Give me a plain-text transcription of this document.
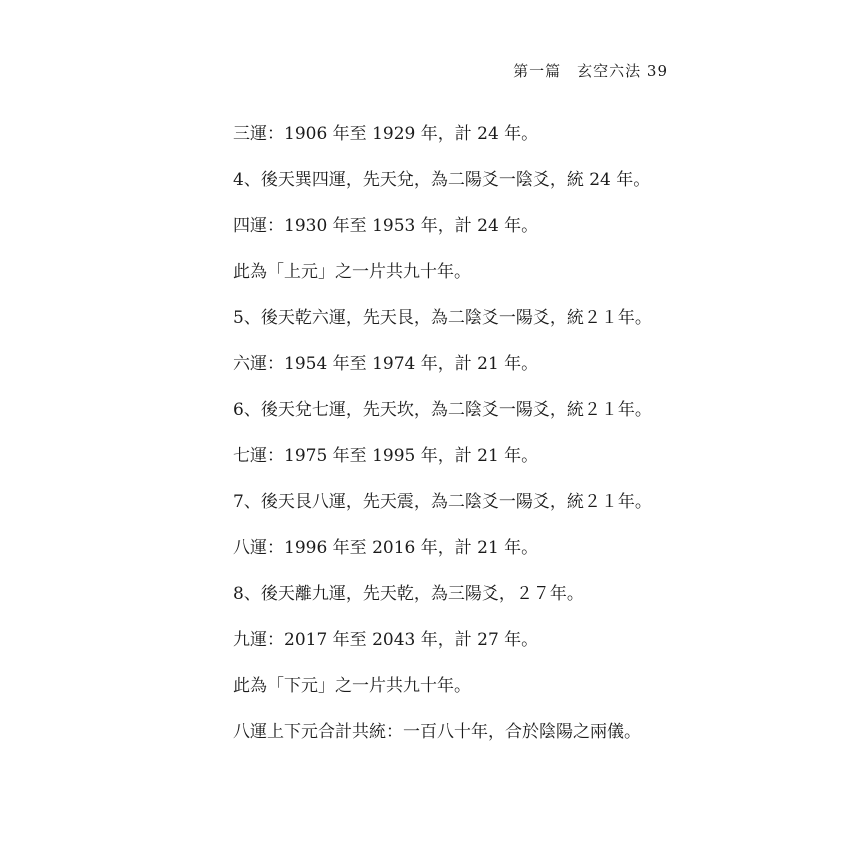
第一篇　玄空六法 39
三運：1906 年至 1929 年，計 24 年。
4、後天巽四運，先天兌，為二陽爻一陰爻，統 24 年。
四運：1930 年至 1953 年，計 24 年。
此為「上元」之一片共九十年。
5、後天乾六運，先天艮，為二陰爻一陽爻，統２１年。
六運：1954 年至 1974 年，計 21 年。
6、後天兌七運，先天坎，為二陰爻一陽爻，統２１年。
七運：1975 年至 1995 年，計 21 年。
7、後天艮八運，先天震，為二陰爻一陽爻，統２１年。
八運：1996 年至 2016 年，計 21 年。
8、後天離九運，先天乾，為三陽爻，２７年。
九運：2017 年至 2043 年，計 27 年。
此為「下元」之一片共九十年。
八運上下元合計共統：一百八十年，合於陰陽之兩儀。
